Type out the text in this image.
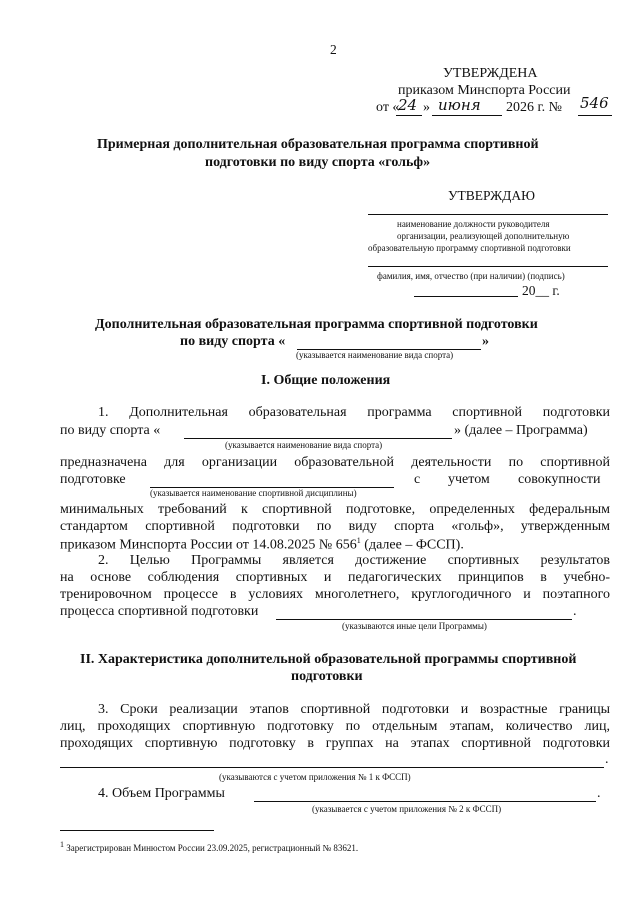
2
УТВЕРЖДЕНА
приказом Минспорта России
от «
24 » июня 2026 г. № 546
Примерная дополнительная образовательная программа спортивной
подготовки по виду спорта «гольф»
УТВЕРЖДАЮ
наименование должности руководителя
организации, реализующей дополнительную
образовательную программу спортивной подготовки
фамилия, имя, отчество (при наличии) (подпись)
20__ г.
Дополнительная образовательная программа спортивной подготовки
по виду спорта «	»
(указывается наименование вида спорта)
I. Общие положения
1. Дополнительная образовательная программа спортивной подготовки
по виду спорта «	» (далее – Программа)
(указывается наименование вида спорта)
предназначена для организации образовательной деятельности по спортивной
подготовке	с учетом совокупности
(указывается наименование спортивной дисциплины)
минимальных требований к спортивной подготовке, определенных федеральным
стандартом спортивной подготовки по виду спорта «гольф», утвержденным
приказом Минспорта России от 14.08.2025 № $656^1$ (далее – ФССП).
2. Целью Программы является достижение спортивных результатов
на основе соблюдения спортивных и педагогических принципов в учебно-
тренировочном процессе в условиях многолетнего, круглогодичного и поэтапного
процесса спортивной подготовки	.
(указываются иные цели Программы)
II. Характеристика дополнительной образовательной программы спортивной
подготовки
3. Сроки реализации этапов спортивной подготовки и возрастные границы
лиц, проходящих спортивную подготовку по отдельным этапам, количество лиц,
проходящих спортивную подготовку в группах на этапах спортивной подготовки
.
(указываются с учетом приложения № 1 к ФССП)
4. Объем Программы	.
(указывается с учетом приложения № 2 к ФССП)
$^1$ Зарегистрирован Минюстом России 23.09.2025, регистрационный № 83621.
